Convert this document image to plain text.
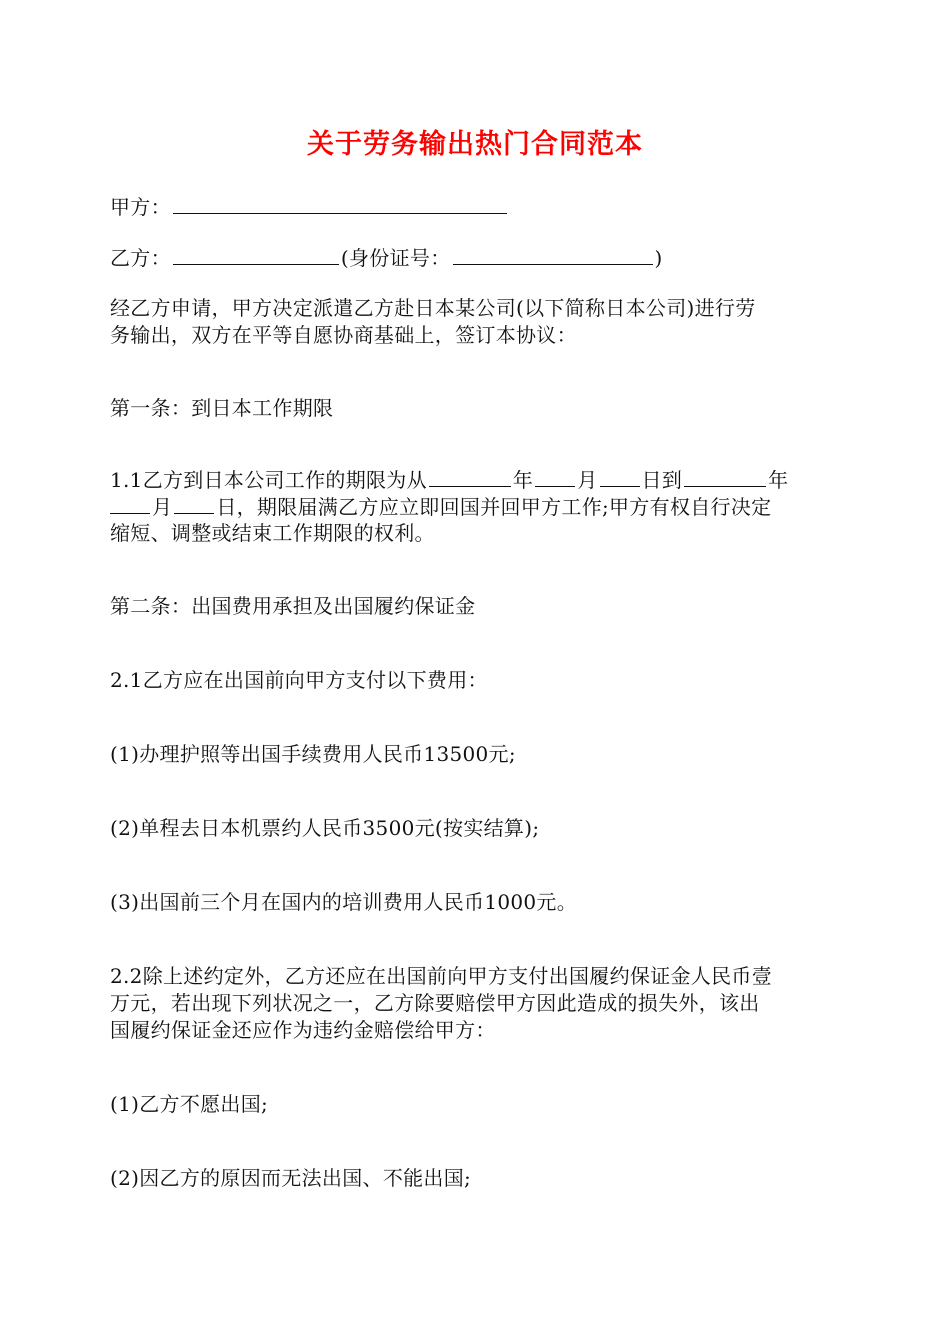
关于劳务输出热门合同范本
甲方：
乙方：	(身份证号：	)
经乙方申请，甲方决定派遣乙方赴日本某公司(以下简称日本公司)进行劳
务输出，双方在平等自愿协商基础上，签订本协议：
第一条：到日本工作期限
1.1乙方到日本公司工作的期限为从	年 月 日到	年
月 日，期限届满乙方应立即回国并回甲方工作;甲方有权自行决定
缩短、调整或结束工作期限的权利。
第二条：出国费用承担及出国履约保证金
2.1乙方应在出国前向甲方支付以下费用：
(1)办理护照等出国手续费用人民币13500元;
(2)单程去日本机票约人民币3500元(按实结算);
(3)出国前三个月在国内的培训费用人民币1000元。
2.2除上述约定外，乙方还应在出国前向甲方支付出国履约保证金人民币壹
万元，若出现下列状况之一，乙方除要赔偿甲方因此造成的损失外，该出
国履约保证金还应作为违约金赔偿给甲方：
(1)乙方不愿出国;
(2)因乙方的原因而无法出国、不能出国;
